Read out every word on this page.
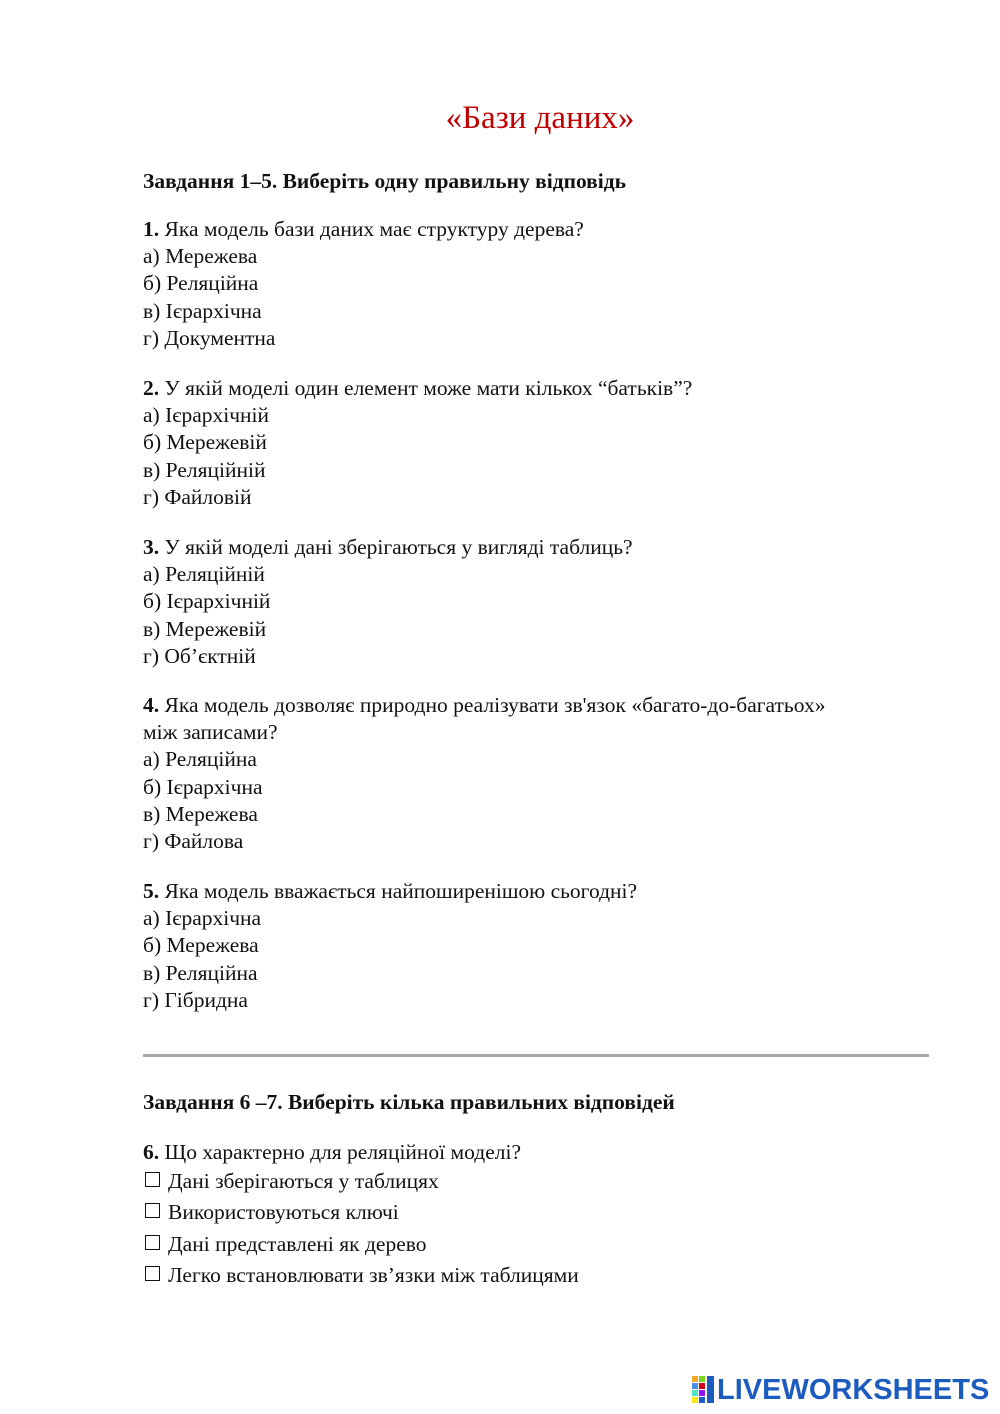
«Бази даних»
Завдання 1–5. Виберіть одну правильну відповідь
1. Яка модель бази даних має структуру дерева?
а) Мережева
б) Реляційна
в) Ієрархічна
г) Документна
2. У якій моделі один елемент може мати кількох “батьків”?
а) Ієрархічній
б) Мережевій
в) Реляційній
г) Файловій
3. У якій моделі дані зберігаються у вигляді таблиць?
а) Реляційній
б) Ієрархічній
в) Мережевій
г) Об’єктній
4. Яка модель дозволяє природно реалізувати зв'язок «багато-до-багатьох»
між записами?
а) Реляційна
б) Ієрархічна
в) Мережева
г) Файлова
5. Яка модель вважається найпоширенішою сьогодні?
а) Ієрархічна
б) Мережева
в) Реляційна
г) Гібридна
Завдання 6 –7. Виберіть кілька правильних відповідей
6. Що характерно для реляційної моделі?
Дані зберігаються у таблицях
Використовуються ключі
Дані представлені як дерево
Легко встановлювати зв’язки між таблицями
LIVEWORKSHEETS
